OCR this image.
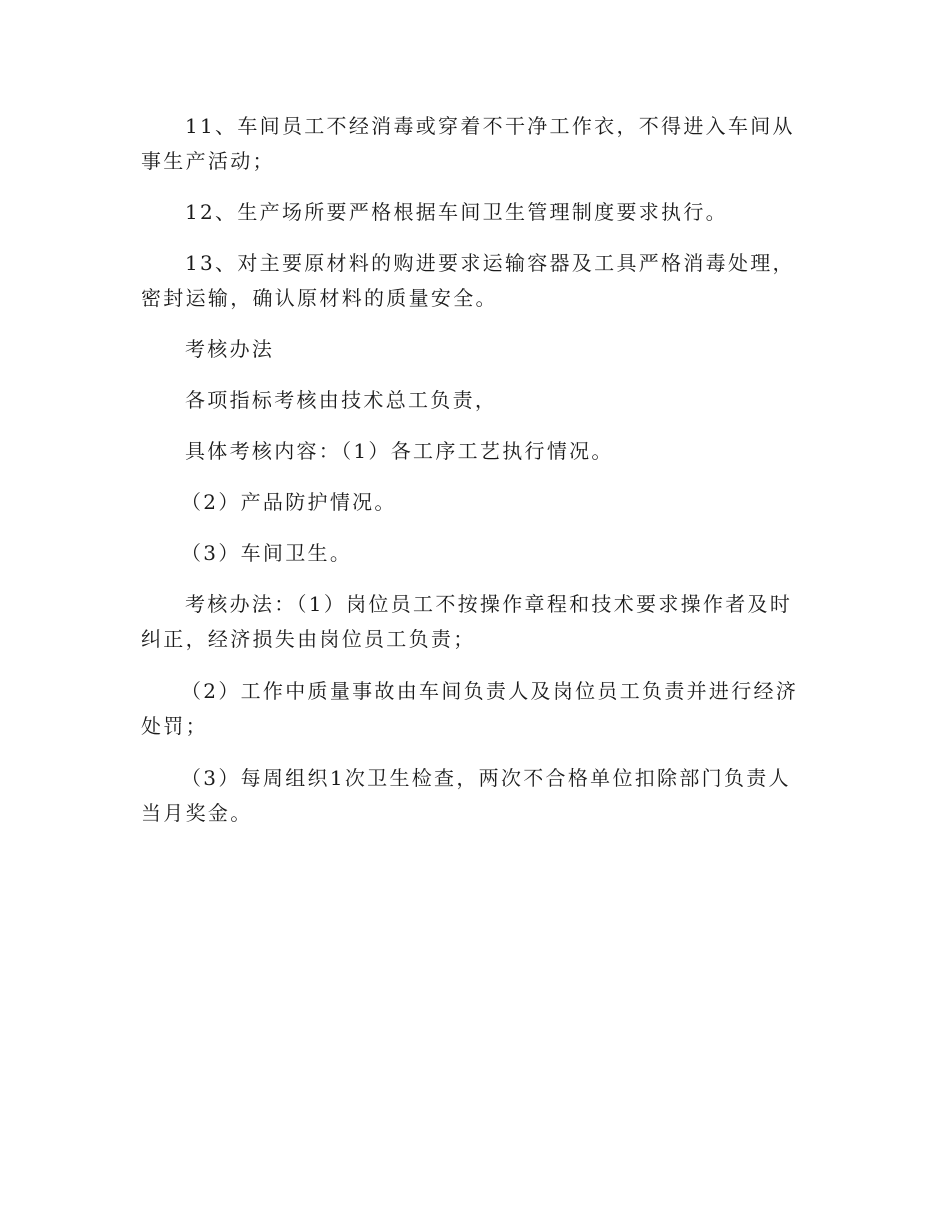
11、车间员工不经消毒或穿着不干净工作衣，不得进入车间从事生产活动；

12、生产场所要严格根据车间卫生管理制度要求执行。

13、对主要原材料的购进要求运输容器及工具严格消毒处理，密封运输，确认原材料的质量安全。

考核办法

各项指标考核由技术总工负责，

具体考核内容：（1）各工序工艺执行情况。

（2）产品防护情况。

（3）车间卫生。

考核办法：（1）岗位员工不按操作章程和技术要求操作者及时纠正，经济损失由岗位员工负责；

（2）工作中质量事故由车间负责人及岗位员工负责并进行经济处罚；

（3）每周组织1次卫生检查，两次不合格单位扣除部门负责人当月奖金。
